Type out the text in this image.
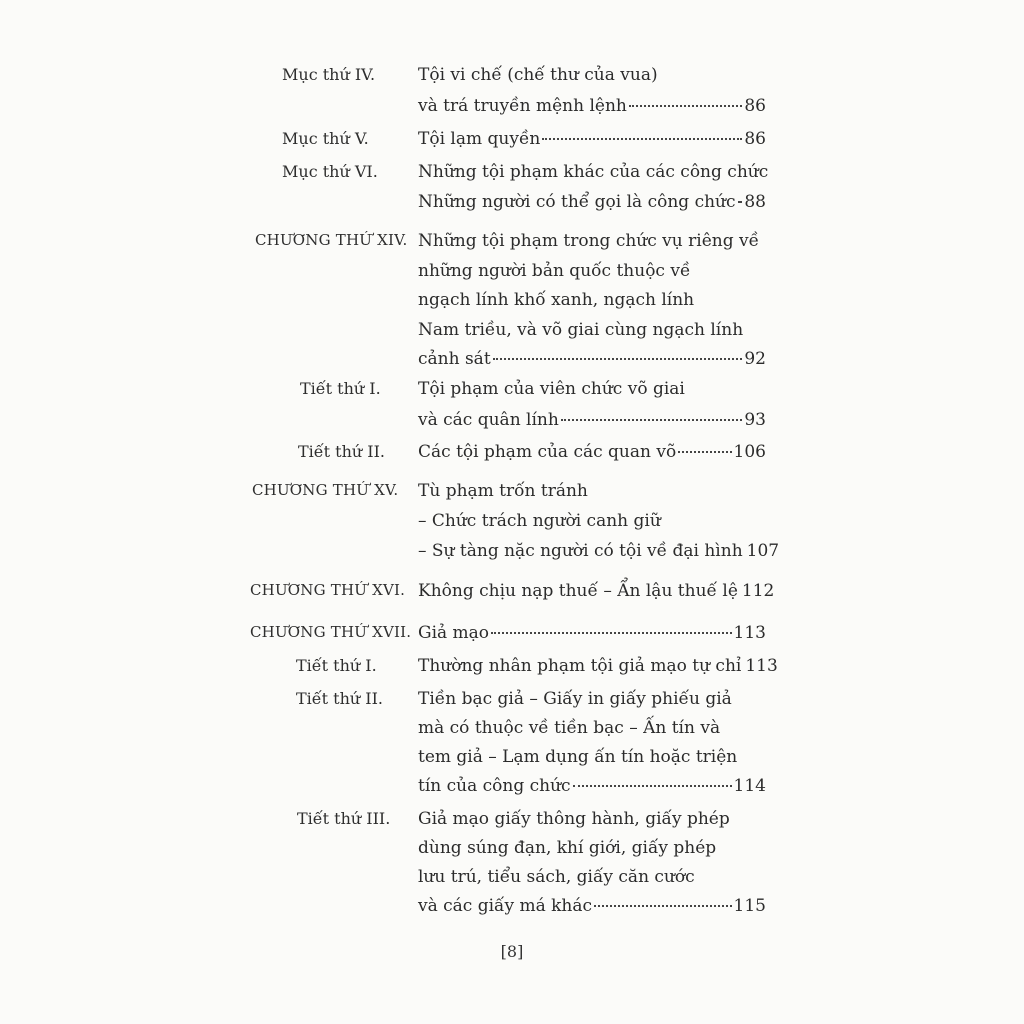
Mục thứ IV.	Tội vi chế (chế thư của vua)
và trá truyền mệnh lệnh	86
Mục thứ V.	Tội lạm quyền	86
Mục thứ VI. Những tội phạm khác của các công chức
Những người có thể gọi là công chức 88
CHƯƠNG THỨ XIV. Những tội phạm trong chức vụ riêng về
những người bản quốc thuộc về
ngạch lính khố xanh, ngạch lính
Nam triều, và võ giai cùng ngạch lính
cảnh sát	92
Tiết thứ I. Tội phạm của viên chức võ giai
và các quân lính	93
Tiết thứ II. Các tội phạm của các quan võ	106
CHƯƠNG THỨ XV. Tù phạm trốn tránh
– Chức trách người canh giữ
– Sự tàng nặc người có tội về đại hình 107
CHƯƠNG THỨ XVI. Không chịu nạp thuế – Ẩn lậu thuế lệ 112
CHƯƠNG THỨ XVII. Giả mạo	113
Tiết thứ I. Thường nhân phạm tội giả mạo tự chỉ 113
Tiết thứ II. Tiền bạc giả – Giấy in giấy phiếu giả
mà có thuộc về tiền bạc – Ấn tín và
tem giả – Lạm dụng ấn tín hoặc triện
tín của công chức	114
Tiết thứ III. Giả mạo giấy thông hành, giấy phép
dùng súng đạn, khí giới, giấy phép
lưu trú, tiểu sách, giấy căn cước
và các giấy má khác	115
[8]
